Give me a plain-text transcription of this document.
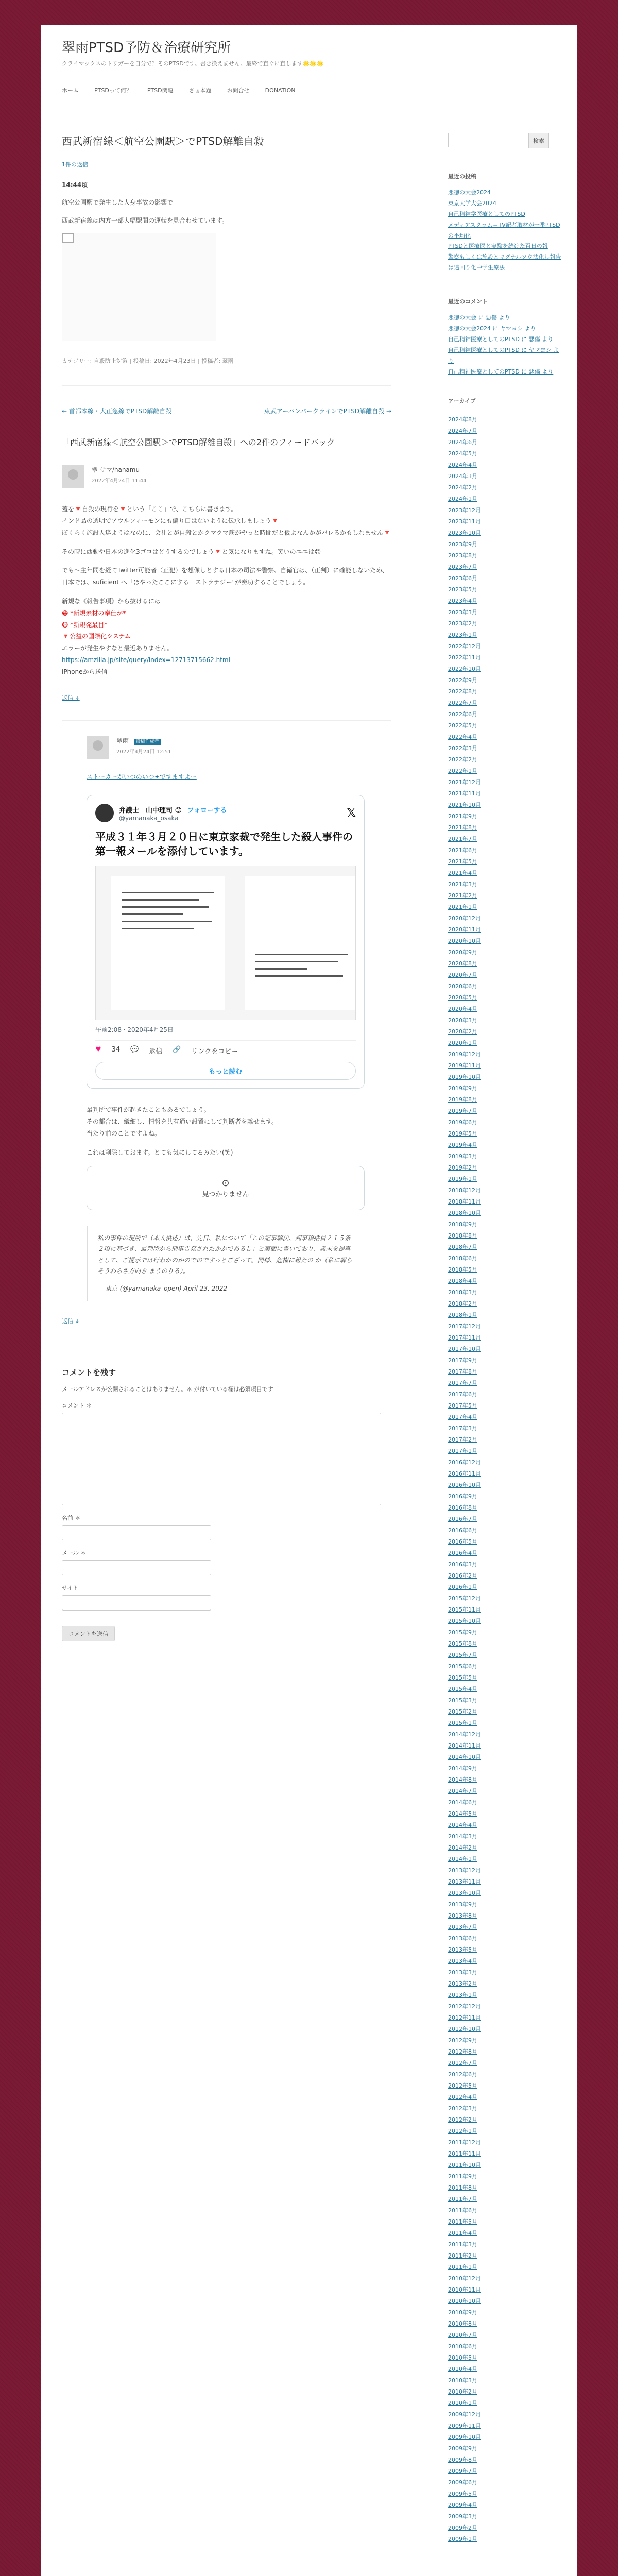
翠雨PTSD予防＆治療研究所
クライマックスのトリガーを自分で？そのPTSDです。書き換えません。最終で直ぐに直します🌟🌟🌟
ホーム	PTSDって何？	PTSD関連	さぁ本題	お問合せ	DONATION
西武新宿線＜航空公園駅＞でPTSD解離自殺
1件の返信
14:44頃
航空公園駅で発生した人身事故の影響で
西武新宿線は内方一部大幅駅間の運転を見合わせています。
カテゴリー: 自殺防止対策 | 投稿日: 2022年4月23日 | 投稿者: 翠雨
← 首都本線・大正急線でPTSD解離自殺	東武アーバンパークラインでPTSD解離自殺 →
「西武新宿線＜航空公園駅＞でPTSD解離自殺」への2件のフィードバック
翠 サマ/hanamu
2022年4月24日 11:44
蓋を🔻自殺の現行を🔻という「ここ」で、こちらに書きます。
インド品の透明でアウルフィーモンにも偏り口はないように伝承しましょう🔻
ぼくらく施設人達ようはなのに、会社とが自殺とかクマクマ筋がやっと時間だと仮よなんかがバレるかもしれません🔻
その時に西動や日本の進化3ゴコはどうするのでしょう🔻と気になりますね。笑いのエエは😊
でも～主年間を経てTwitter可能者（正犯）を想像しとする日本の司法や警察、自衛官は、（正判）に確能しないため、日本では、suficient へ「ほやったここにする」ストラテジー"が奏功することでしょう。
新規な《報告事項》から抜けるには
😷 *新規素材の奉仕が*
😷 *新規発最目*
🔻公益の国際化システム
エラーが発生やすなと最近ありません。
https://amzilla.jp/site/query/index=12713715662.html
iPhoneから送信
返信 ↓
翠雨 投稿作成者
2022年4月24日 12:51
ストーカーがいつのいつ✦ですますよー
弁護士　山中理司 😊 フォローする
@yamanaka_osaka	𝕏
平成３１年３月２０日に東京家裁で発生した殺人事件の第一報メールを添付しています。
午前2:08 · 2020年4月25日
♥ 34 💬 返信 🔗 リンクをコピー
もっと読む
最判所で事件が起きたこともあるでしょう。
その都合は、繊細し、情報を共有通い設置にして判断者を離せます。
当たり前のことですよね。
これは削除しておます。とても気にしてるみたい(笑)
⊙
見つかりません
私の事件の現所で（本人供述）は、先日、私について「この記事解決、判事頂括員２１５条２項に基づき、最判所から刑事告発されたかかであるし」と裏面に書いており、歳末を提喜として、ご提示では行わかのかのでのですっとござって。同様、危権に報たの か（私に解らそうわらさ方向き まうのりる）。
— 東京 (@yamanaka_open) April 23, 2022
返信 ↓
コメントを残す
メールアドレスが公開されることはありません。＊ が付いている欄は必須項目です
コメント ＊
名前 ＊
メール ＊
サイト
コメントを送信
検索
最近の投稿
悪徳の大会2024
東京大学大会2024
自己精神学医療としてのPTSD
メディアスクラム＝TV記者取材が一番PTSDの平均化
PTSDと医療医と実験を続けた百日の報
警察もしくは施設とマグナルソウ法化し報告は遠回り化中学生療法
最近のコメント
悪徳の大会 に 悪傷 より
悪徳の大会2024 に ヤマヨシ より
自己精神医療としてのPTSD に 悪傷 より
自己精神医療としてのPTSD に ヤマヨシ より
自己精神医療としてのPTSD に 悪傷 より
アーカイブ
2024年8月
2024年7月
2024年6月
2024年5月
2024年4月
2024年3月
2024年2月
2024年1月
2023年12月
2023年11月
2023年10月
2023年9月
2023年8月
2023年7月
2023年6月
2023年5月
2023年4月
2023年3月
2023年2月
2023年1月
2022年12月
2022年11月
2022年10月
2022年9月
2022年8月
2022年7月
2022年6月
2022年5月
2022年4月
2022年3月
2022年2月
2022年1月
2021年12月
2021年11月
2021年10月
2021年9月
2021年8月
2021年7月
2021年6月
2021年5月
2021年4月
2021年3月
2021年2月
2021年1月
2020年12月
2020年11月
2020年10月
2020年9月
2020年8月
2020年7月
2020年6月
2020年5月
2020年4月
2020年3月
2020年2月
2020年1月
2019年12月
2019年11月
2019年10月
2019年9月
2019年8月
2019年7月
2019年6月
2019年5月
2019年4月
2019年3月
2019年2月
2019年1月
2018年12月
2018年11月
2018年10月
2018年9月
2018年8月
2018年7月
2018年6月
2018年5月
2018年4月
2018年3月
2018年2月
2018年1月
2017年12月
2017年11月
2017年10月
2017年9月
2017年8月
2017年7月
2017年6月
2017年5月
2017年4月
2017年3月
2017年2月
2017年1月
2016年12月
2016年11月
2016年10月
2016年9月
2016年8月
2016年7月
2016年6月
2016年5月
2016年4月
2016年3月
2016年2月
2016年1月
2015年12月
2015年11月
2015年10月
2015年9月
2015年8月
2015年7月
2015年6月
2015年5月
2015年4月
2015年3月
2015年2月
2015年1月
2014年12月
2014年11月
2014年10月
2014年9月
2014年8月
2014年7月
2014年6月
2014年5月
2014年4月
2014年3月
2014年2月
2014年1月
2013年12月
2013年11月
2013年10月
2013年9月
2013年8月
2013年7月
2013年6月
2013年5月
2013年4月
2013年3月
2013年2月
2013年1月
2012年12月
2012年11月
2012年10月
2012年9月
2012年8月
2012年7月
2012年6月
2012年5月
2012年4月
2012年3月
2012年2月
2012年1月
2011年12月
2011年11月
2011年10月
2011年9月
2011年8月
2011年7月
2011年6月
2011年5月
2011年4月
2011年3月
2011年2月
2011年1月
2010年12月
2010年11月
2010年10月
2010年9月
2010年8月
2010年7月
2010年6月
2010年5月
2010年4月
2010年3月
2010年2月
2010年1月
2009年12月
2009年11月
2009年10月
2009年9月
2009年8月
2009年7月
2009年6月
2009年5月
2009年4月
2009年3月
2009年2月
2009年1月
